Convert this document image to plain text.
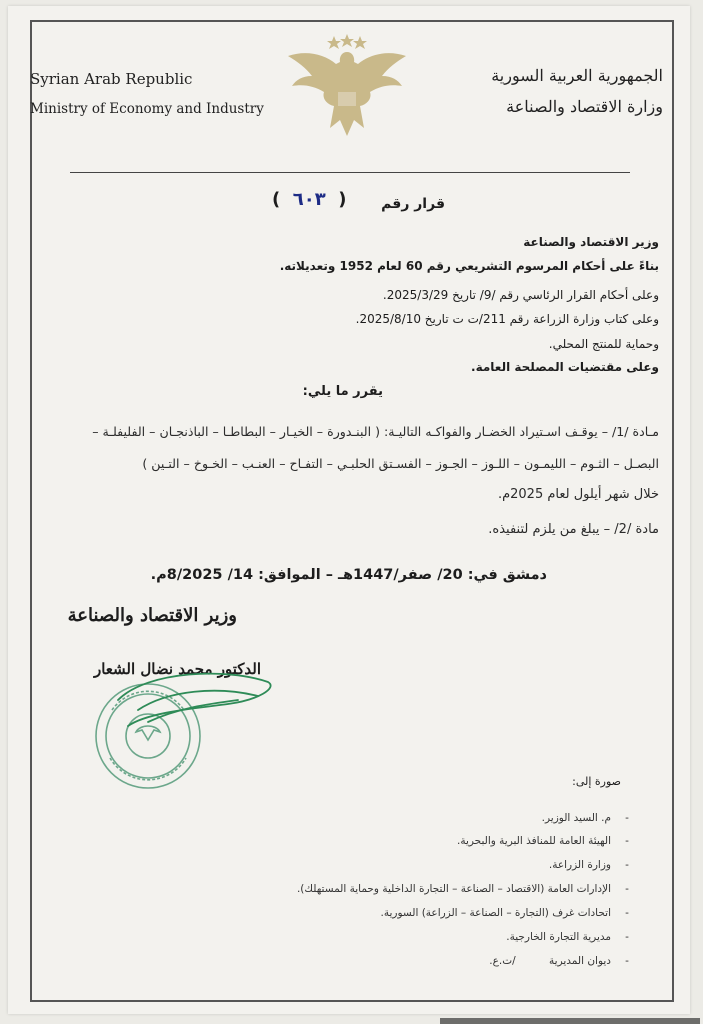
Syrian Arab Republic
Ministry of Economy and Industry
الجمهورية العربية السورية
وزارة الاقتصاد والصناعة
قرار رقم
(  ٦٠٣  )
وزير الاقتصاد والصناعة
بناءً على أحكام المرسوم التشريعي رقم 60 لعام 1952 وتعديلاته.
وعلى أحكام القرار الرئاسي رقم /9/ تاريخ 2025/3/29.
وعلى كتاب وزارة الزراعة رقم 211/ت ت تاريخ 2025/8/10.
وحماية للمنتج المحلي.
وعلى مقتضيات المصلحة العامة.
يقرر ما يلي:
مـادة /1/ – يوقـف اسـتيراد الخضـار والفواكـه التاليـة: ( البنـدورة – الخيـار – البطاطـا – الباذنجـان – الفليفلـة –
البصـل – الثـوم – الليمـون – اللـوز – الجـوز – الفسـتق الحلبـي – التفـاح – العنـب – الخـوخ – التـين )
خلال شهر أيلول لعام 2025م.
مادة /2/ – يبلغ من يلزم لتنفيذه.
دمشق في: 20/ صفر/1447هـ – الموافق: 14/ 8/2025م.
وزير الاقتصاد والصناعة
الدكتور محمد نضال الشعار
صورة إلى:
-م. السيد الوزير.
-الهيئة العامة للمنافذ البرية والبحرية.
-وزارة الزراعة.
-الإدارات العامة (الاقتصاد – الصناعة – التجارة الداخلية وحماية المستهلك).
-اتحادات غرف (التجارة – الصناعة – الزراعة) السورية.
-مديرية التجارة الخارجية.
-ديوان المديرية          /ت.ع.
